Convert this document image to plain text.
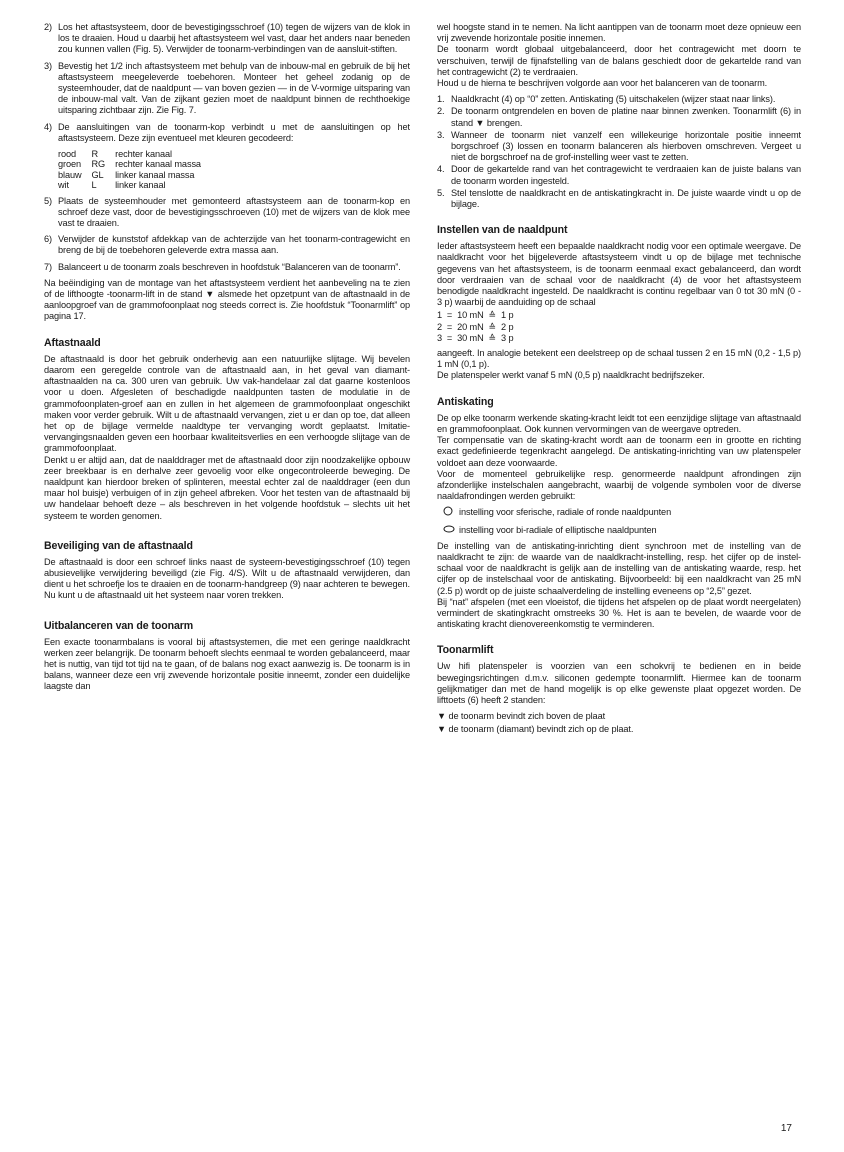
2) Los het aftastsysteem, door de bevestigingsschroef (10) tegen de wijzers van de klok in los te draaien. Houd u daarbij het aftastsysteem wel vast, daar het anders naar beneden zou kunnen vallen (Fig. 5). Verwijder de toonarm-verbindingen van de aansluit-stiften.
3) Bevestig het 1/2 inch aftastsysteem met behulp van de inbouw-mal en gebruik de bij het aftastsysteem meegeleverde toebehoren. Monteer het geheel zodanig op de systeemhouder, dat de naaldpunt — van boven gezien — in de V-vormige uitsparing van de inbouw-mal valt. Van de zijkant gezien moet de naaldpunt binnen de rechthoekige uitsparing zichtbaar zijn. Zie Fig. 7.
4) De aansluitingen van de toonarm-kop verbindt u met de aansluitingen op het aftastsysteem. Deze zijn eventueel met kleuren gecodeerd:
rood	R	rechter kanaal
groen	RG	rechter kanaal massa
blauw	GL	linker kanaal massa
wit	L	linker kanaal
5) Plaats de systeemhouder met gemonteerd aftastsysteem aan de toonarm-kop en schroef deze vast, door de bevestigingsschroeven (10) met de wijzers van de klok mee vast te draaien.
6) Verwijder de kunststof afdekkap van de achterzijde van het toonarm-contragewicht en breng de bij de toebehoren geleverde extra massa aan.
7) Balanceert u de toonarm zoals beschreven in hoofdstuk “Balanceren van de toonarm”.

Na beëindiging van de montage van het aftastsysteem verdient het aanbeveling na te zien of de lifthoogte -toonarm-lift in de stand ▼ alsmede het opzetpunt van de aftastnaald in de aanloopgroef van de grammofoonplaat nog steeds correct is. Zie hoofdstuk “Toonarmlift” op pagina 17.

Aftastnaald

De aftastnaald is door het gebruik onderhevig aan een natuurlijke slijtage. Wij bevelen daarom een geregelde controle van de aftastnaald aan, in het geval van diamant-aftastnaalden na ca. 300 uren van gebruik. Uw vak-handelaar zal dat gaarne kostenloos voor u doen. Afgesleten of beschadigde naaldpunten tasten de modulatie in de grammofoonplaten-groef aan en zullen in het algemeen de grammofoonplaat ongeschikt maken voor verder gebruik. Wilt u de aftastnaald vervangen, ziet u er dan op toe, dat alleen het op de bijlage vermelde naaldtype ter vervanging wordt geplaatst. Imitatie-vervangingsnaalden geven een hoorbaar kwaliteitsverlies en een verhoogde slijtage van de grammofoonplaat.

Denkt u er altijd aan, dat de naalddrager met de aftastnaald door zijn noodzakelijke opbouw zeer breekbaar is en derhalve zeer gevoelig voor elke ongecontroleerde beweging. De naaldpunt kan hierdoor breken of splinteren, meestal echter zal de naalddrager (een dun maar hol buisje) verbuigen of in zijn geheel afbreken. Voor het testen van de aftastnaald bij uw handelaar behoeft deze – als beschreven in het volgende hoofdstuk – slechts uit het systeem te worden genomen.

Beveiliging van de aftastnaald

De aftastnaald is door een schroef links naast de systeem-bevestigingsschroef (10) tegen abusievelijke verwijdering beveiligd (zie Fig. 4/S). Wilt u de aftastnaald verwijderen, dan dient u het schroefje los te draaien en de toonarm-handgreep (9) naar achteren te bewegen. Nu kunt u de aftastnaald uit het systeem naar voren trekken.

Uitbalanceren van de toonarm

Een exacte toonarmbalans is vooral bij aftastsystemen, die met een geringe naaldkracht werken zeer belangrijk. De toonarm behoeft slechts eenmaal te worden gebalanceerd, maar het is nuttig, van tijd tot tijd na te gaan, of de balans nog exact aanwezig is. De toonarm is in balans, wanneer deze een vrij zwevende horizontale positie inneemt, zonder een duidelijke laagste dan

wel hoogste stand in te nemen. Na licht aantippen van de toonarm moet deze opnieuw een vrij zwevende horizontale positie innemen.

De toonarm wordt globaal uitgebalanceerd, door het contragewicht met doorn te verschuiven, terwijl de fijnafstelling van de balans geschiedt door de gekartelde rand van het contragewicht (2) te verdraaien.

Houd u de hierna te beschrijven volgorde aan voor het balanceren van de toonarm.

1. Naaldkracht (4) op “0” zetten. Antiskating (5) uitschakelen (wijzer staat naar links).
2. De toonarm ontgrendelen en boven de platine naar binnen zwenken. Toonarmlift (6) in stand ▼ brengen.
3. Wanneer de toonarm niet vanzelf een willekeurige horizontale positie inneemt borgschroef (3) lossen en toonarm balanceren als hierboven omschreven. Vergeet u niet de borgschroef na de grof-instelling weer vast te zetten.
4. Door de gekartelde rand van het contragewicht te verdraaien kan de juiste balans van de toonarm worden ingesteld.
5. Stel tenslotte de naaldkracht en de antiskatingkracht in. De juiste waarde vindt u op de bijlage.
Instellen van de naaldpunt

Ieder aftastsysteem heeft een bepaalde naaldkracht nodig voor een optimale weergave. De naaldkracht voor het bijgeleverde aftastsysteem vindt u op de bijlage met technische gegevens van het aftastsysteem, is de toonarm eenmaal exact gebalanceerd, dan wordt door verdraaien van de schaal voor de naaldkracht (4) de voor het aftastsysteem benodigde naaldkracht ingesteld. De naaldkracht is continu regelbaar van 0 tot 30 mN (0 - 3 p) waarbij de aanduiding op de schaal

1  =  10 mN  ≙  1 p
2  =  20 mN  ≙  2 p
3  =  30 mN  ≙  3 p

aangeeft. In analogie betekent een deelstreep op de schaal tussen 2 en 15 mN (0,2 - 1,5 p) 1 mN (0,1 p).

De platenspeler werkt vanaf 5 mN (0,5 p) naaldkracht bedrijfszeker.

Antiskating

De op elke toonarm werkende skating-kracht leidt tot een eenzijdige slijtage van aftastnaald en grammofoonplaat. Ook kunnen vervormingen van de weergave optreden.

Ter compensatie van de skating-kracht wordt aan de toonarm een in grootte en richting exact gedefinieerde tegenkracht aangelegd. De antiskating-inrichting van uw platenspeler voldoet aan deze voorwaarde.

Voor de momenteel gebruikelijke resp. genormeerde naaldpunt afrondingen zijn afzonderlijke instelschalen aangebracht, waarbij de volgende symbolen voor de diverse naaldafrondingen werden gebruikt:

instelling voor sferische, radiale of ronde naaldpunten
instelling voor bi-radiale of elliptische naaldpunten

De instelling van de antiskating-inrichting dient synchroon met de instelling van de naaldkracht te zijn: de waarde van de naaldkracht-instelling, resp. het cijfer op de instel-schaal voor de naaldkracht is gelijk aan de instelling van de antiskating waarde, resp. het cijfer op de instelschaal voor de antiskating. Bijvoorbeeld: bij een naaldkracht van 25 mN (2.5 p) wordt op de juiste schaalverdeling de instelling eveneens op “2,5” gezet.

Bij “nat” afspelen (met een vloeistof, die tijdens het afspelen op de plaat wordt neergelaten) vermindert de skatingkracht omstreeks 30 %. Het is aan te bevelen, de waarde voor de antiskating kracht dienovereenkomstig te verminderen.

Toonarmlift

Uw hifi platenspeler is voorzien van een schokvrij te bedienen en in beide bewegingsrichtingen d.m.v. siliconen gedempte toonarmlift. Hiermee kan de toonarm gelijkmatiger dan met de hand mogelijk is op elke gewenste plaat opgezet worden. De lifttoets (6) heeft 2 standen:

▼ de toonarm bevindt zich boven de plaat
▼ de toonarm (diamant) bevindt zich op de plaat.
17
